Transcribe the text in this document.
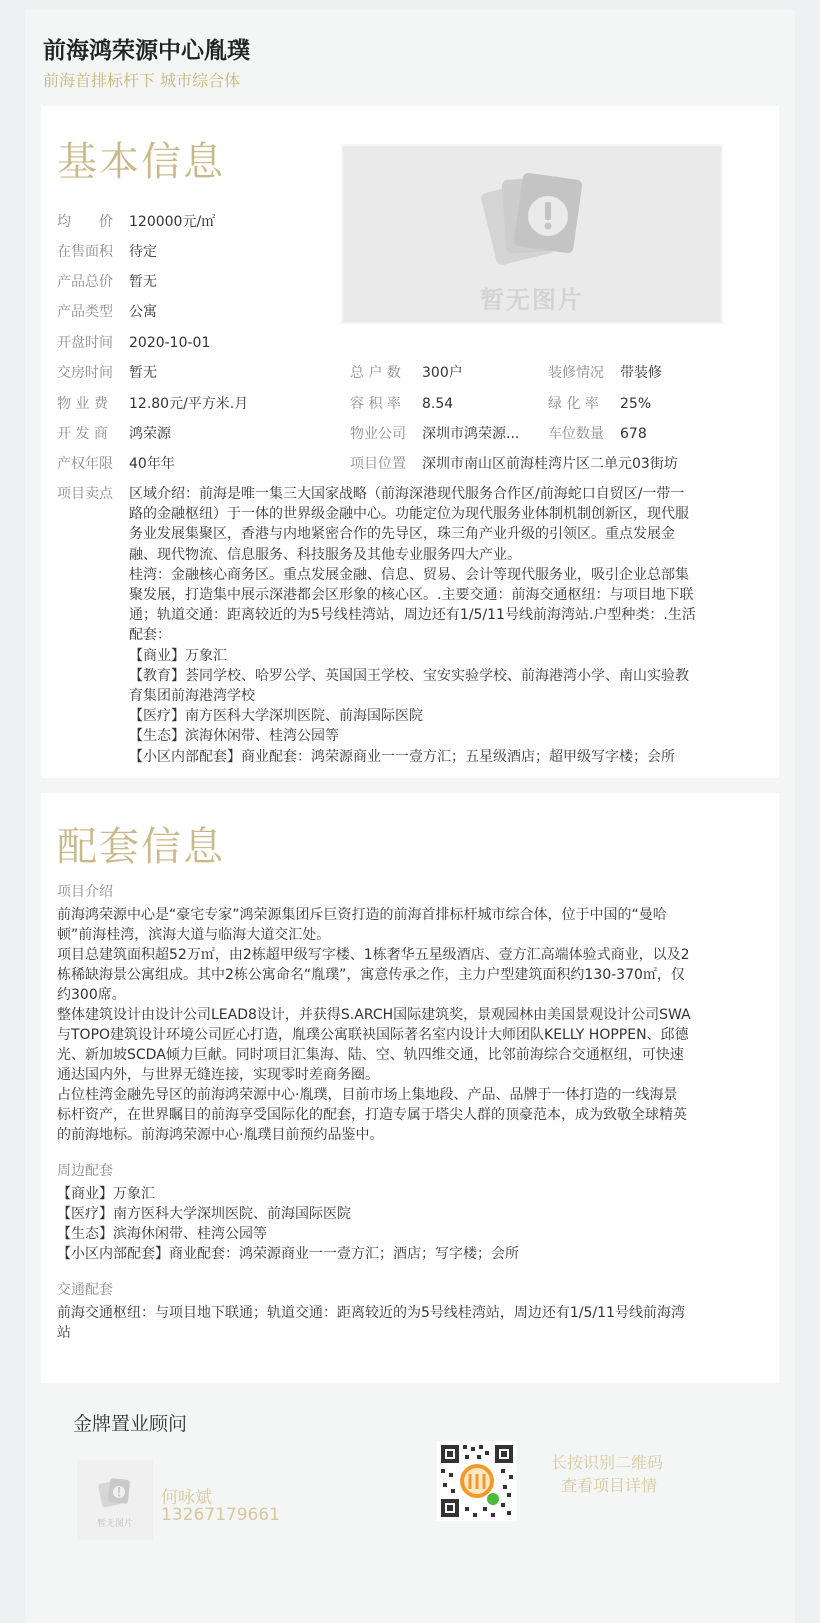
前海鸿荣源中心胤璞
前海首排标杆下 城市综合体
基本信息
均　　价 120000元/㎡
在售面积 待定
产品总价 暂无
产品类型 公寓
开盘时间 2020-10-01
交房时间 暂无
物 业 费 12.80元/平方米.月
开 发 商 鸿荣源
产权年限 40年年
暂无图片
总 户 数 300户
容 积 率 8.54
物业公司 深圳市鸿荣源...
项目位置 深圳市南山区前海桂湾片区二单元03街坊
装修情况 带装修
绿 化 率 25%
车位数量 678
项目卖点	区域介绍：前海是唯一集三大国家战略（前海深港现代服务合作区/前海蛇口自贸区/一带一

路的金融枢纽）于一体的世界级金融中心。功能定位为现代服务业体制机制创新区，现代服

务业发展集聚区，香港与内地紧密合作的先导区，珠三角产业升级的引领区。重点发展金

融、现代物流、信息服务、科技服务及其他专业服务四大产业。

桂湾：金融核心商务区。重点发展金融、信息、贸易、会计等现代服务业，吸引企业总部集

聚发展，打造集中展示深港都会区形象的核心区。.主要交通：前海交通枢纽：与项目地下联

通；轨道交通：距离较近的为5号线桂湾站，周边还有1/5/11号线前海湾站.户型种类：.生活

配套：

【商业】万象汇

【教育】荟同学校、哈罗公学、英国国王学校、宝安实验学校、前海港湾小学、南山实验教

育集团前海港湾学校

【医疗】南方医科大学深圳医院、前海国际医院

【生态】滨海休闲带、桂湾公园等

【小区内部配套】商业配套：鸿荣源商业一一壹方汇；五星级酒店；超甲级写字楼；会所

配套信息
项目介绍

前海鸿荣源中心是“豪宅专家”鸿荣源集团斥巨资打造的前海首排标杆城市综合体，位于中国的“曼哈

顿”前海桂湾，滨海大道与临海大道交汇处。

项目总建筑面积超52万㎡，由2栋超甲级写字楼、1栋奢华五星级酒店、壹方汇高端体验式商业，以及2

栋稀缺海景公寓组成。其中2栋公寓命名“胤璞”，寓意传承之作，主力户型建筑面积约130-370㎡，仅

约300席。

整体建筑设计由设计公司LEAD8设计，并获得S.ARCH国际建筑奖，景观园林由美国景观设计公司SWA

与TOPO建筑设计环境公司匠心打造，胤璞公寓联袂国际著名室内设计大师团队KELLY HOPPEN、邱德

光、新加坡SCDA倾力巨献。同时项目汇集海、陆、空、轨四维交通，比邻前海综合交通枢纽，可快速

通达国内外，与世界无缝连接，实现零时差商务圈。

占位桂湾金融先导区的前海鸿荣源中心·胤璞，目前市场上集地段、产品、品牌于一体打造的一线海景

标杆资产，在世界瞩目的前海享受国际化的配套，打造专属于塔尖人群的顶豪范本，成为致敬全球精英

的前海地标。前海鸿荣源中心·胤璞目前预约品鉴中。

周边配套

【商业】万象汇

【医疗】南方医科大学深圳医院、前海国际医院

【生态】滨海休闲带、桂湾公园等

【小区内部配套】商业配套：鸿荣源商业一一壹方汇；酒店；写字楼；会所

交通配套

前海交通枢纽：与项目地下联通；轨道交通：距离较近的为5号线桂湾站，周边还有1/5/11号线前海湾

站

金牌置业顾问
暂无图片
何咏斌
13267179661
长按识别二维码
查看项目详情
